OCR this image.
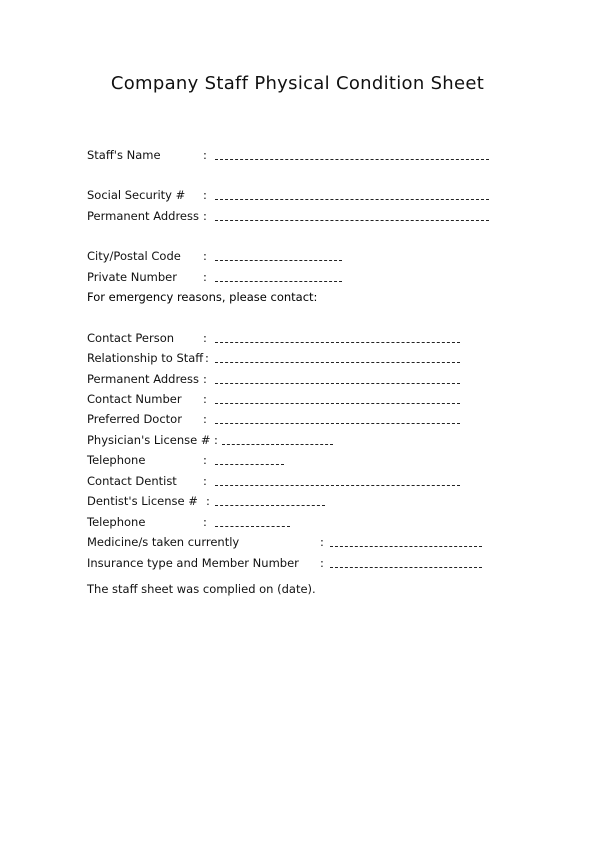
Company Staff Physical Condition Sheet
Staff's Name	:
Social Security # :
Permanent Address :
City/Postal Code :
Private Number :
For emergency reasons, please contact:
Contact Person	:
Relationship to Staff :
Permanent Address :
Contact Number :
Preferred Doctor :
Physician's License # :
Telephone	:
Contact Dentist :
Dentist's License # :
Telephone	:
Medicine/s taken currently	:
Insurance type and Member Number :
The staff sheet was complied on (date).
